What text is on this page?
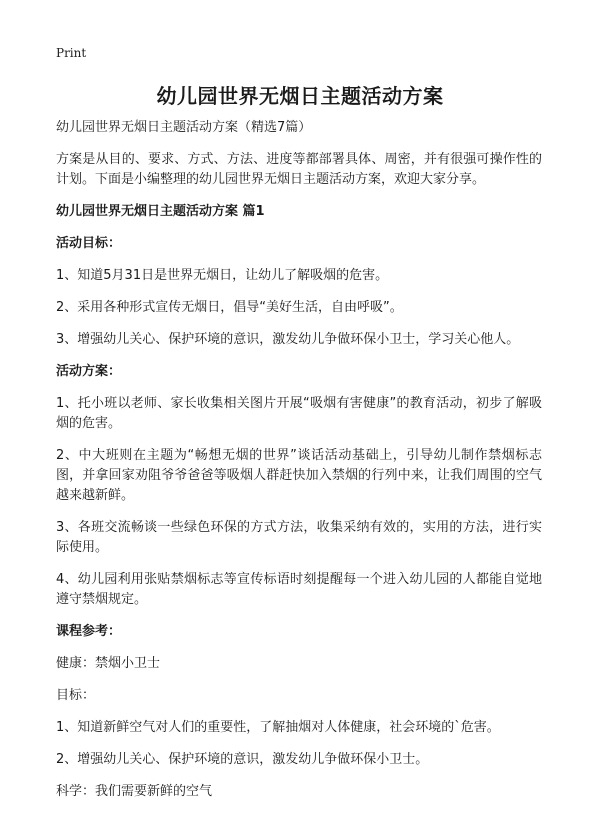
Print
幼儿园世界无烟日主题活动方案

幼儿园世界无烟日主题活动方案（精选7篇）

方案是从目的、要求、方式、方法、进度等都部署具体、周密，并有很强可操作性的计划。下面是小编整理的幼儿园世界无烟日主题活动方案，欢迎大家分享。

幼儿园世界无烟日主题活动方案 篇1

活动目标：

1、知道5月31日是世界无烟日，让幼儿了解吸烟的危害。

2、采用各种形式宣传无烟日，倡导“美好生活，自由呼吸”。

3、增强幼儿关心、保护环境的意识，激发幼儿争做环保小卫士，学习关心他人。

活动方案：

1、托小班以老师、家长收集相关图片开展“吸烟有害健康”的教育活动，初步了解吸烟的危害。

2、中大班则在主题为“畅想无烟的世界”谈话活动基础上，引导幼儿制作禁烟标志图，并拿回家劝阻爷爷爸爸等吸烟人群赶快加入禁烟的行列中来，让我们周围的空气越来越新鲜。

3、各班交流畅谈一些绿色环保的方式方法，收集采纳有效的，实用的方法，进行实际使用。

4、幼儿园利用张贴禁烟标志等宣传标语时刻提醒每一个进入幼儿园的人都能自觉地遵守禁烟规定。

课程参考：

健康：禁烟小卫士

目标：

1、知道新鲜空气对人们的重要性，了解抽烟对人体健康，社会环境的`危害。

2、增强幼儿关心、保护环境的意识，激发幼儿争做环保小卫士。

科学：我们需要新鲜的空气
